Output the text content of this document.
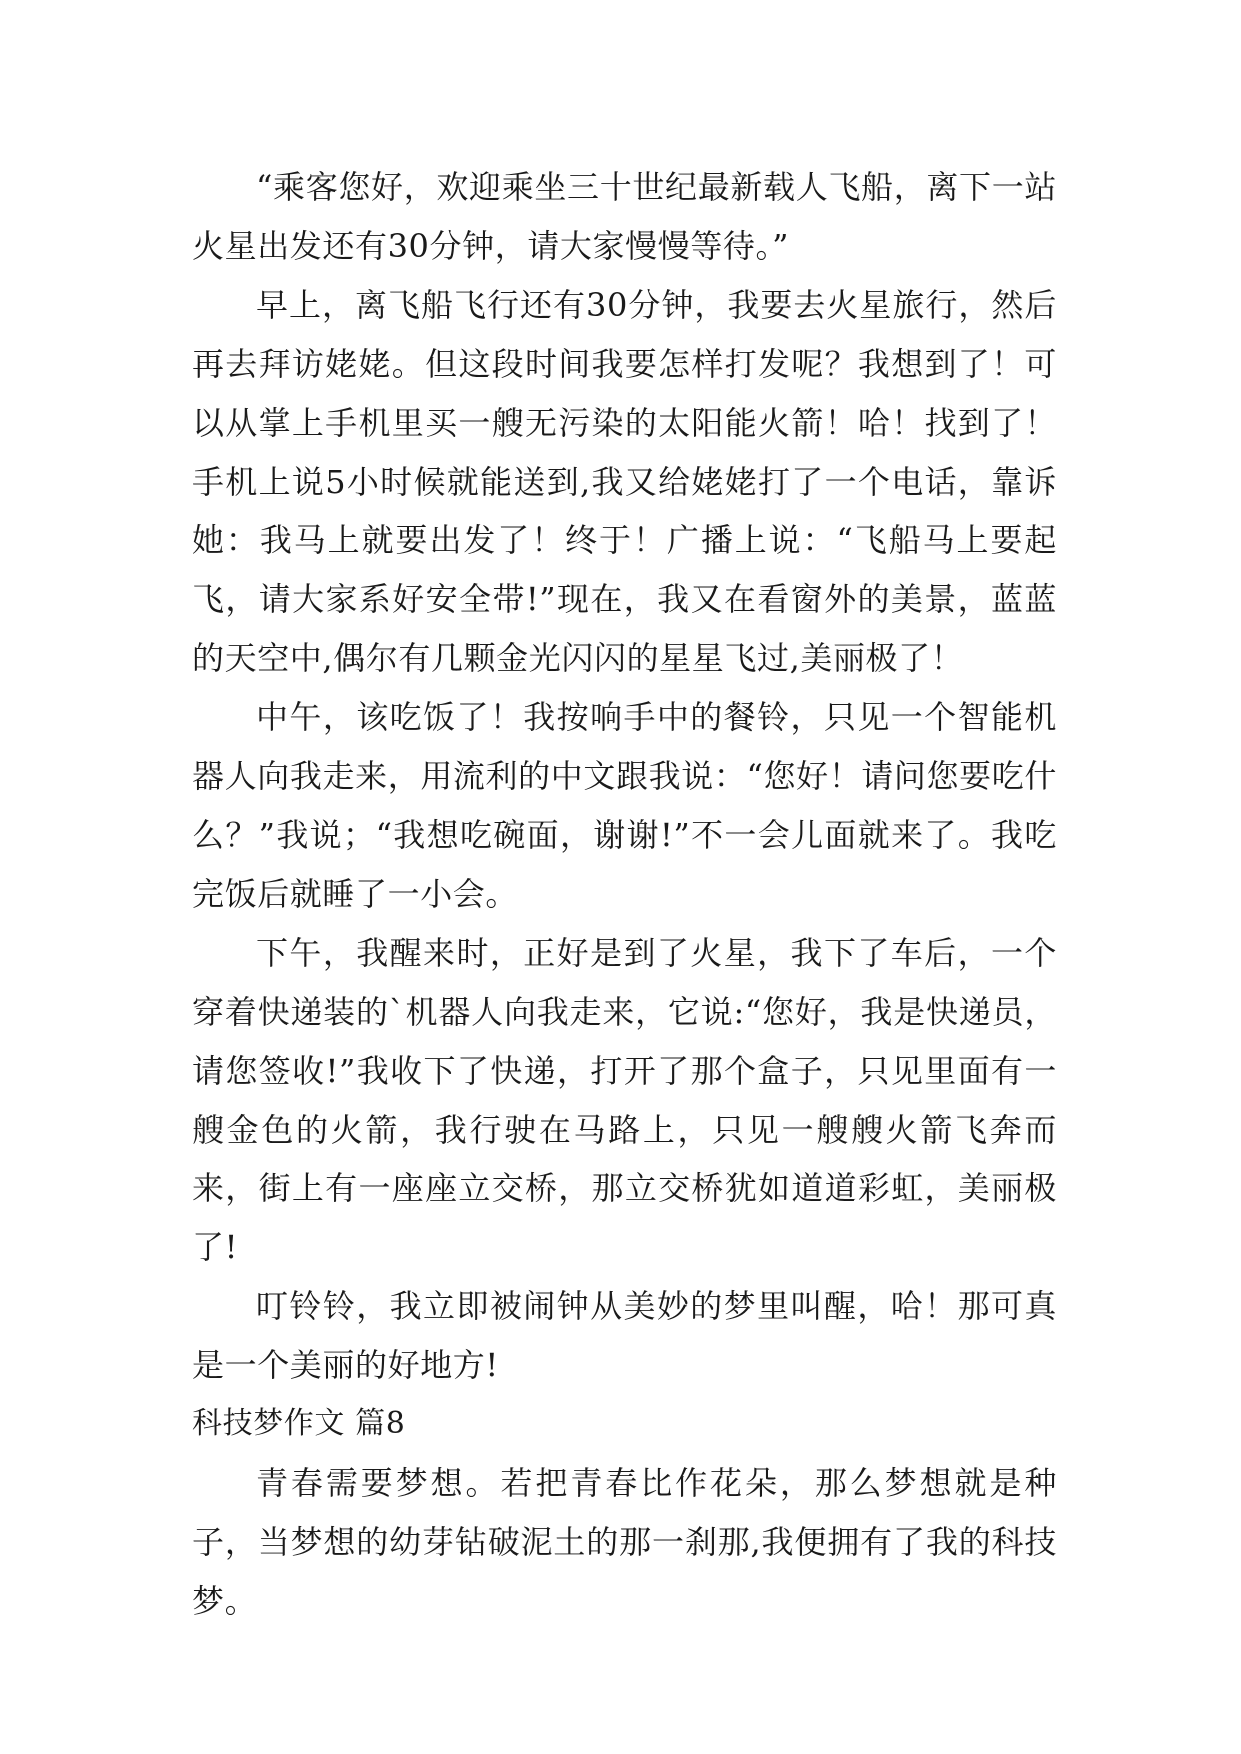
“乘客您好，欢迎乘坐三十世纪最新载人飞船，离下一站火星出发还有30分钟，请大家慢慢等待。”

早上，离飞船飞行还有30分钟，我要去火星旅行，然后再去拜访姥姥。但这段时间我要怎样打发呢？我想到了！可以从掌上手机里买一艘无污染的太阳能火箭！哈！找到了！手机上说5小时候就能送到,我又给姥姥打了一个电话，靠诉她：我马上就要出发了！终于！广播上说：“飞船马上要起飞，请大家系好安全带!”现在，我又在看窗外的美景，蓝蓝的天空中,偶尔有几颗金光闪闪的星星飞过,美丽极了！

中午，该吃饭了！我按响手中的餐铃，只见一个智能机器人向我走来，用流利的中文跟我说：“您好！请问您要吃什么？”我说；“我想吃碗面，谢谢!”不一会儿面就来了。我吃完饭后就睡了一小会。

下午，我醒来时，正好是到了火星，我下了车后，一个穿着快递装的`机器人向我走来，它说:“您好，我是快递员，请您签收!”我收下了快递，打开了那个盒子，只见里面有一艘金色的火箭，我行驶在马路上，只见一艘艘火箭飞奔而来，街上有一座座立交桥，那立交桥犹如道道彩虹，美丽极了!

叮铃铃，我立即被闹钟从美妙的梦里叫醒，哈！那可真是一个美丽的好地方!

科技梦作文 篇8

青春需要梦想。若把青春比作花朵，那么梦想就是种子，当梦想的幼芽钻破泥土的那一刹那,我便拥有了我的科技梦。
